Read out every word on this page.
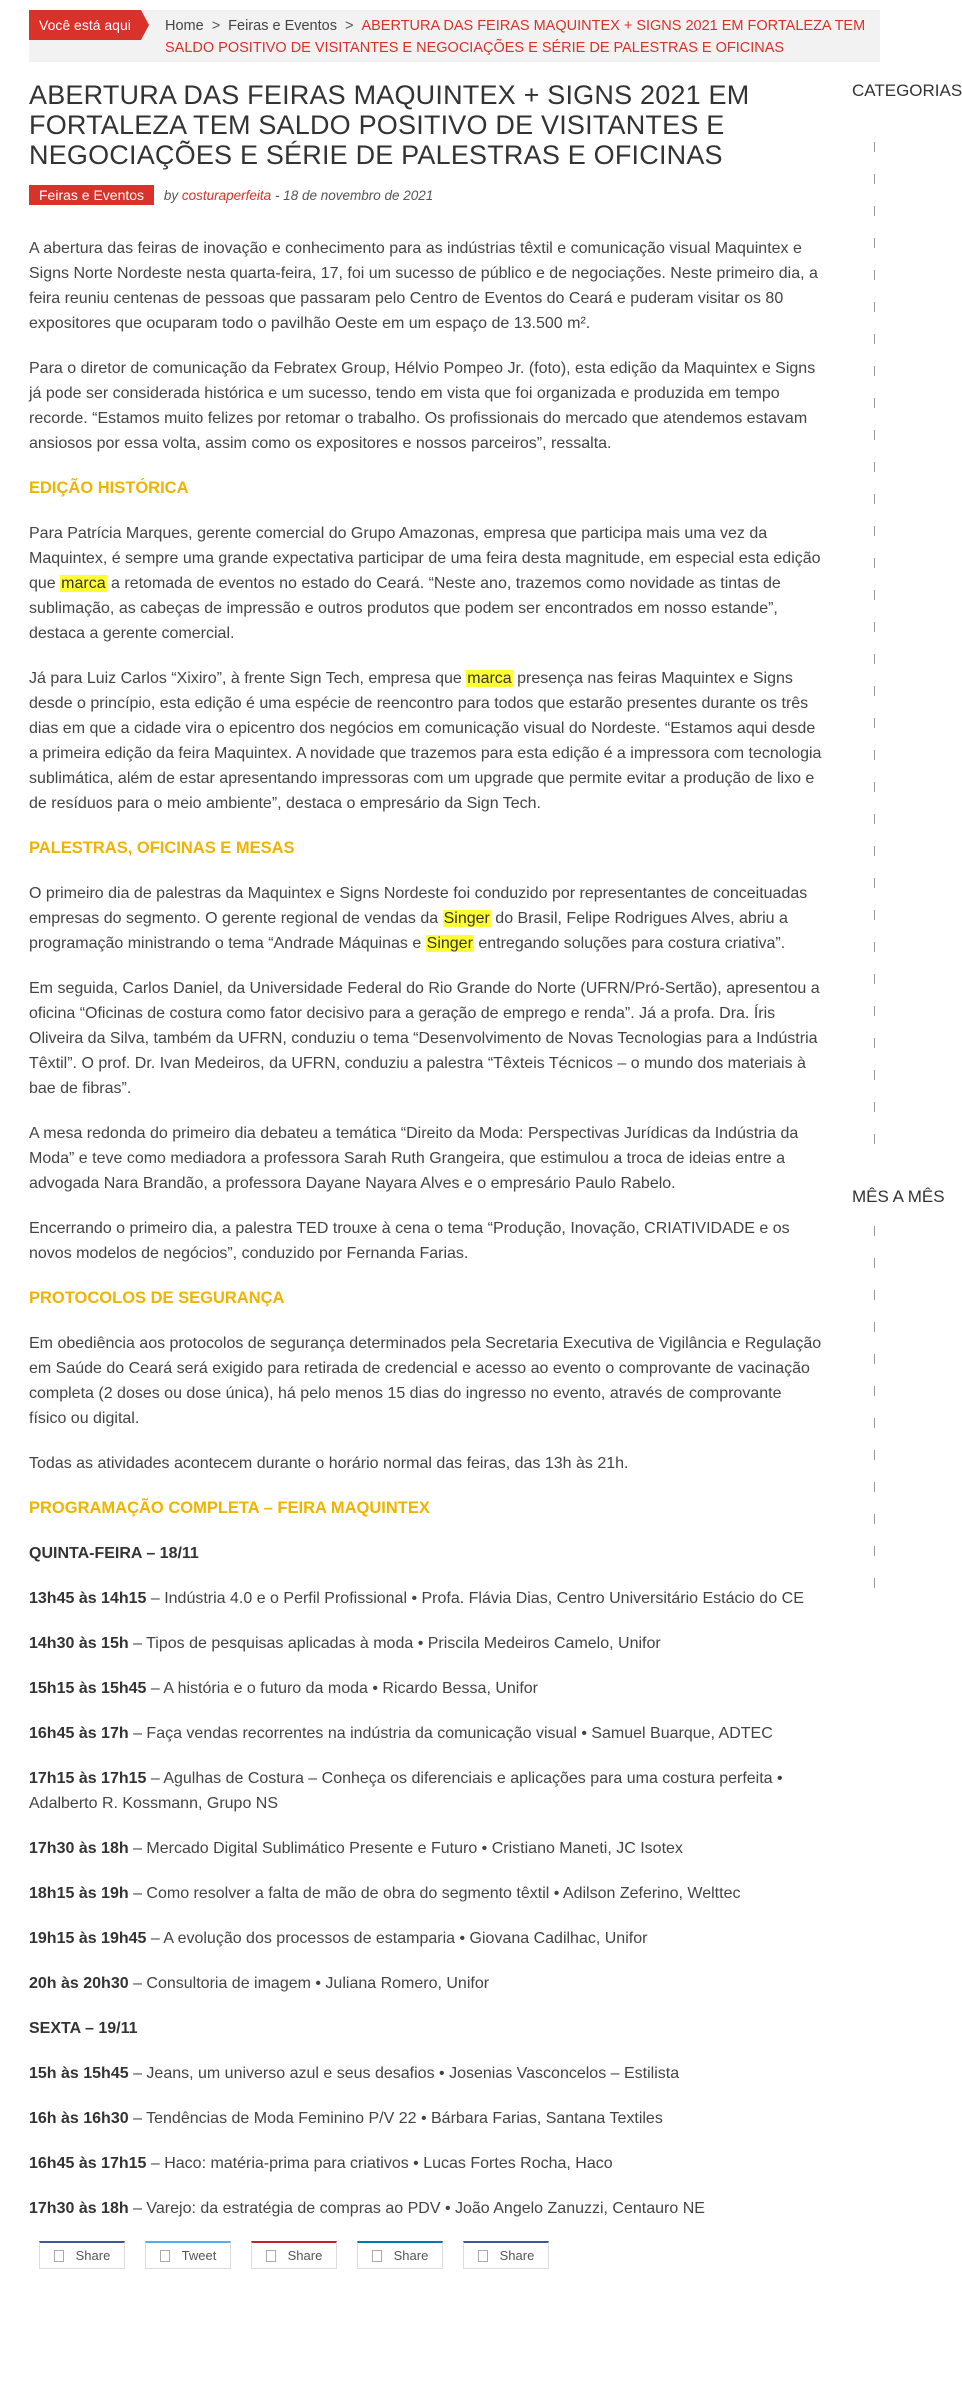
Você está aqui	Home > Feiras e Eventos > ABERTURA DAS FEIRAS MAQUINTEX + SIGNS 2021 EM FORTALEZA TEM SALDO POSITIVO DE VISITANTES E NEGOCIAÇÕES E SÉRIE DE PALESTRAS E OFICINAS
ABERTURA DAS FEIRAS MAQUINTEX + SIGNS 2021 EM FORTALEZA TEM SALDO POSITIVO DE VISITANTES E NEGOCIAÇÕES E SÉRIE DE PALESTRAS E OFICINAS
Feiras e Eventos by costuraperfeita - 18 de novembro de 2021

A abertura das feiras de inovação e conhecimento para as indústrias têxtil e comunicação visual Maquintex e Signs Norte Nordeste nesta quarta-feira, 17, foi um sucesso de público e de negociações. Neste primeiro dia, a feira reuniu centenas de pessoas que passaram pelo Centro de Eventos do Ceará e puderam visitar os 80 expositores que ocuparam todo o pavilhão Oeste em um espaço de 13.500 m².

Para o diretor de comunicação da Febratex Group, Hélvio Pompeo Jr. (foto), esta edição da Maquintex e Signs já pode ser considerada histórica e um sucesso, tendo em vista que foi organizada e produzida em tempo recorde. “Estamos muito felizes por retomar o trabalho. Os profissionais do mercado que atendemos estavam ansiosos por essa volta, assim como os expositores e nossos parceiros”, ressalta.

EDIÇÃO HISTÓRICA

Para Patrícia Marques, gerente comercial do Grupo Amazonas, empresa que participa mais uma vez da Maquintex, é sempre uma grande expectativa participar de uma feira desta magnitude, em especial esta edição que marca a retomada de eventos no estado do Ceará. “Neste ano, trazemos como novidade as tintas de sublimação, as cabeças de impressão e outros produtos que podem ser encontrados em nosso estande”, destaca a gerente comercial.

Já para Luiz Carlos “Xixiro”, à frente Sign Tech, empresa que marca presença nas feiras Maquintex e Signs desde o princípio, esta edição é uma espécie de reencontro para todos que estarão presentes durante os três dias em que a cidade vira o epicentro dos negócios em comunicação visual do Nordeste. “Estamos aqui desde a primeira edição da feira Maquintex. A novidade que trazemos para esta edição é a impressora com tecnologia sublimática, além de estar apresentando impressoras com um upgrade que permite evitar a produção de lixo e de resíduos para o meio ambiente”, destaca o empresário da Sign Tech.

PALESTRAS, OFICINAS E MESAS

O primeiro dia de palestras da Maquintex e Signs Nordeste foi conduzido por representantes de conceituadas empresas do segmento. O gerente regional de vendas da Singer do Brasil, Felipe Rodrigues Alves, abriu a programação ministrando o tema “Andrade Máquinas e Singer entregando soluções para costura criativa”.

Em seguida, Carlos Daniel, da Universidade Federal do Rio Grande do Norte (UFRN/Pró-Sertão), apresentou a oficina “Oficinas de costura como fator decisivo para a geração de emprego e renda”. Já a profa. Dra. Íris Oliveira da Silva, também da UFRN, conduziu o tema “Desenvolvimento de Novas Tecnologias para a Indústria Têxtil”. O prof. Dr. Ivan Medeiros, da UFRN, conduziu a palestra “Têxteis Técnicos – o mundo dos materiais à bae de fibras”.

A mesa redonda do primeiro dia debateu a temática “Direito da Moda: Perspectivas Jurídicas da Indústria da Moda” e teve como mediadora a professora Sarah Ruth Grangeira, que estimulou a troca de ideias entre a advogada Nara Brandão, a professora Dayane Nayara Alves e o empresário Paulo Rabelo.

Encerrando o primeiro dia, a palestra TED trouxe à cena o tema “Produção, Inovação, CRIATIVIDADE e os novos modelos de negócios”, conduzido por Fernanda Farias.

PROTOCOLOS DE SEGURANÇA

Em obediência aos protocolos de segurança determinados pela Secretaria Executiva de Vigilância e Regulação em Saúde do Ceará será exigido para retirada de credencial e acesso ao evento o comprovante de vacinação completa (2 doses ou dose única), há pelo menos 15 dias do ingresso no evento, através de comprovante físico ou digital.

Todas as atividades acontecem durante o horário normal das feiras, das 13h às 21h.

PROGRAMAÇÃO COMPLETA – FEIRA MAQUINTEX

QUINTA-FEIRA – 18/11

13h45 às 14h15 – Indústria 4.0 e o Perfil Profissional • Profa. Flávia Dias, Centro Universitário Estácio do CE

14h30 às 15h – Tipos de pesquisas aplicadas à moda • Priscila Medeiros Camelo, Unifor

15h15 às 15h45 – A história e o futuro da moda • Ricardo Bessa, Unifor

16h45 às 17h – Faça vendas recorrentes na indústria da comunicação visual • Samuel Buarque, ADTEC

17h15 às 17h15 – Agulhas de Costura – Conheça os diferenciais e aplicações para uma costura perfeita • Adalberto R. Kossmann, Grupo NS

17h30 às 18h – Mercado Digital Sublimático Presente e Futuro • Cristiano Maneti, JC Isotex

18h15 às 19h – Como resolver a falta de mão de obra do segmento têxtil • Adilson Zeferino, Welttec

19h15 às 19h45 – A evolução dos processos de estamparia • Giovana Cadilhac, Unifor

20h às 20h30 – Consultoria de imagem • Juliana Romero, Unifor

SEXTA – 19/11

15h às 15h45 – Jeans, um universo azul e seus desafios • Josenias Vasconcelos – Estilista

16h às 16h30 – Tendências de Moda Feminino P/V 22 • Bárbara Farias, Santana Textiles

16h45 às 17h15 – Haco: matéria-prima para criativos • Lucas Fortes Rocha, Haco

17h30 às 18h – Varejo: da estratégia de compras ao PDV • João Angelo Zanuzzi, Centauro NE

Share	Tweet	Share	Share	Share
CATEGORIAS
MÊS A MÊS
